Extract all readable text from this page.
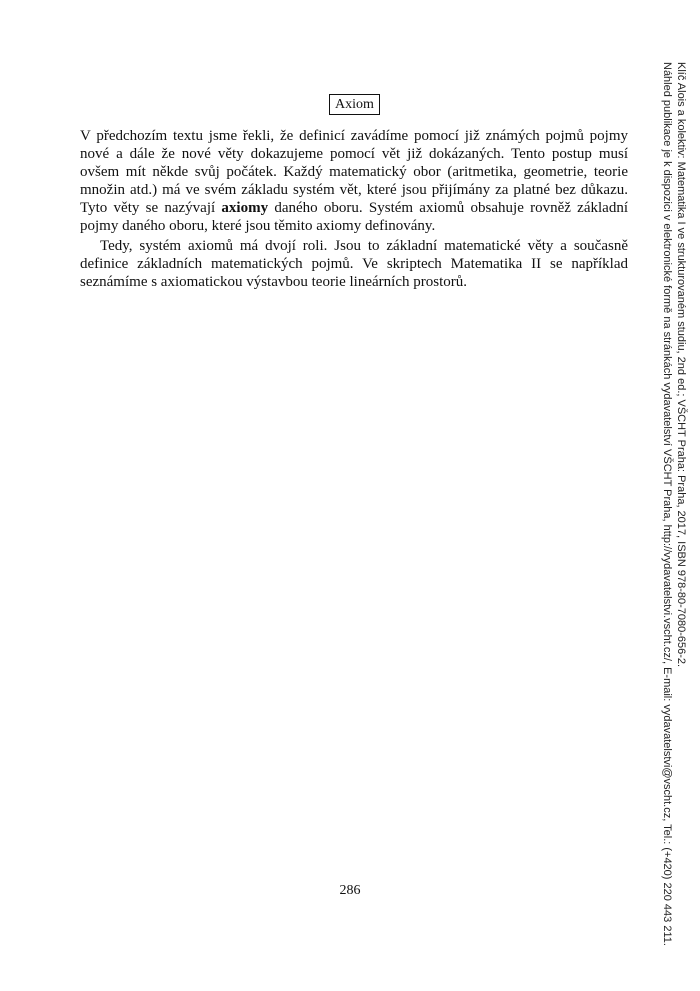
Axiom

V předchozím textu jsme řekli, že definicí zavádíme pomocí již známých pojmů pojmy nové a dále že nové věty dokazujeme pomocí vět již dokázaných. Tento postup musí ovšem mít někde svůj počátek. Každý matematický obor (aritmetika, geometrie, teorie množin atd.) má ve svém základu systém vět, které jsou přijímány za platné bez důkazu. Tyto věty se nazývají axiomy daného oboru. Systém axiomů obsahuje rovněž základní pojmy daného oboru, které jsou těmito axiomy definovány.

Tedy, systém axiomů má dvojí roli. Jsou to základní matematické věty a současně definice základních matematických pojmů. Ve skriptech Matematika II se například seznámíme s axiomatickou výstavbou teorie lineárních prostorů.

286
Klíč Alois a kolektiv: Matematika I ve strukturovaném studiu, 2nd ed.; VŠCHT Praha: Praha, 2017, ISBN 978-80-7080-656-2.
Náhled publikace je k dispozici v elektronické formě na stránkách vydavatelství VŠCHT Praha, http://vydavatelstvi.vscht.cz/, E-mail: vydavatelstvi@vscht.cz, Tel.: (+420) 220 443 211.
